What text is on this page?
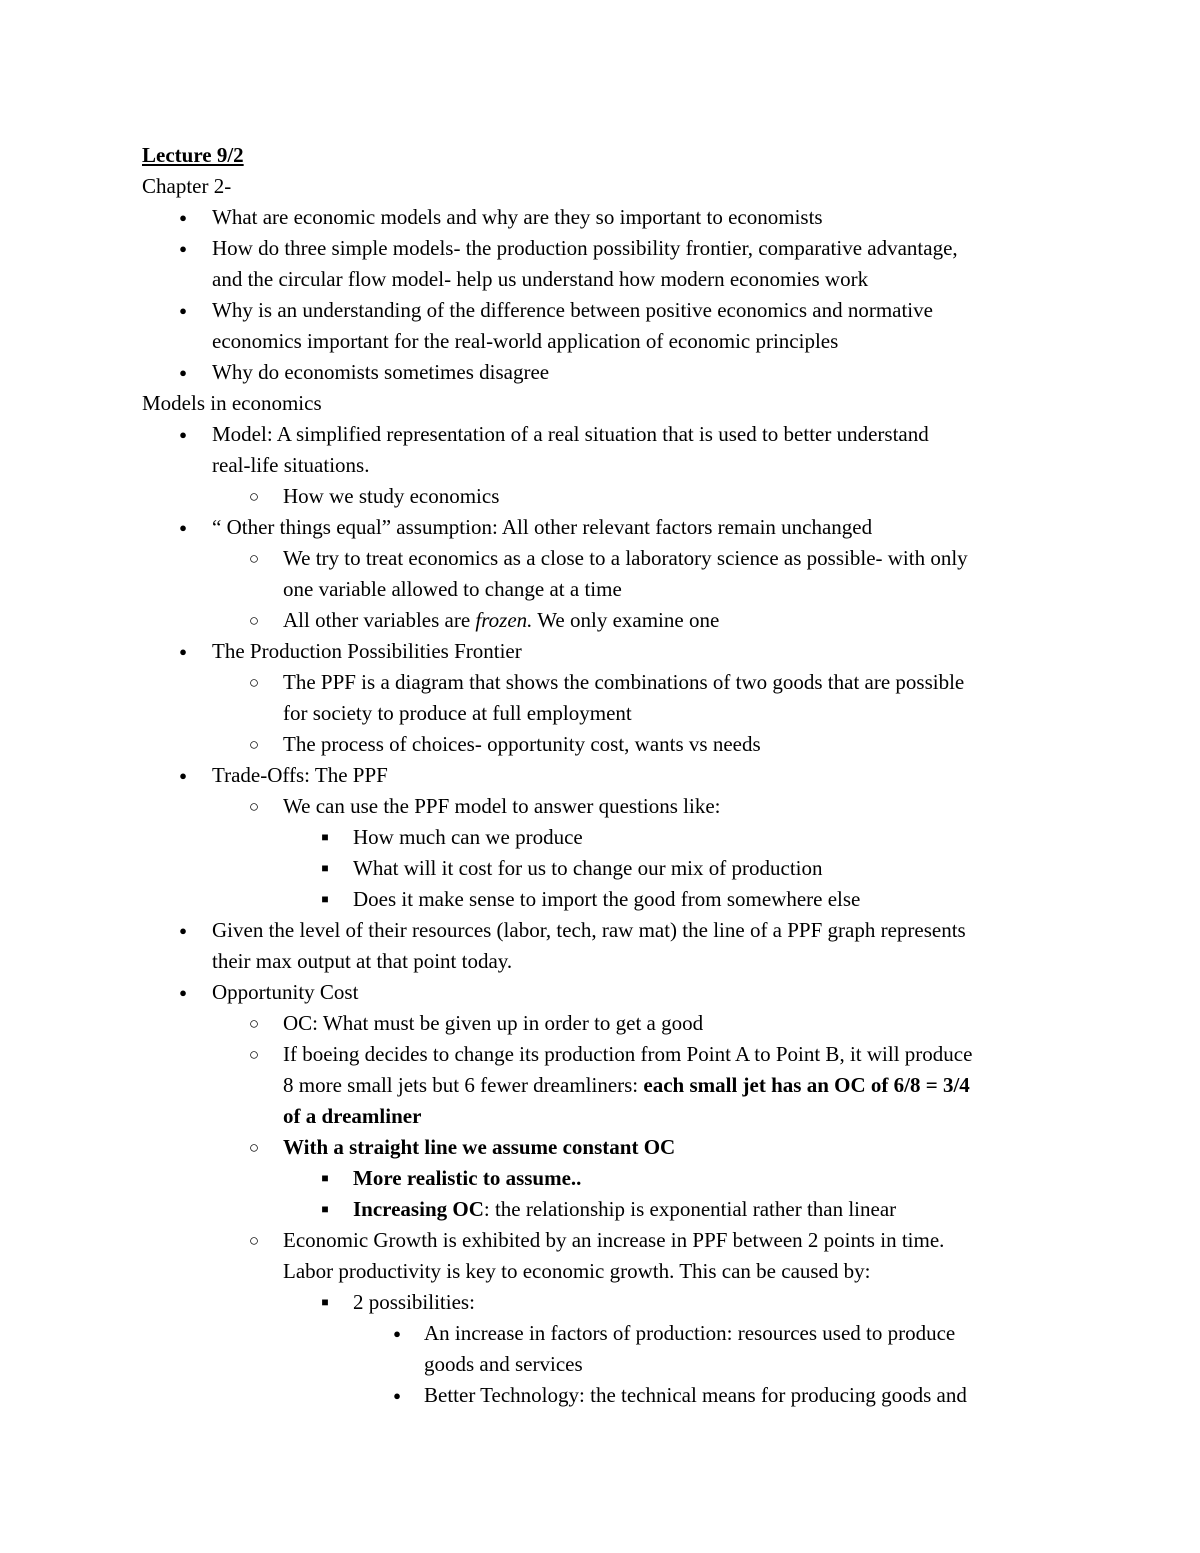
Lecture 9/2
Chapter 2-
●	What are economic models and why are they so important to economists
●	How do three simple models- the production possibility frontier, comparative advantage,
and the circular flow model- help us understand how modern economies work
●	Why is an understanding of the difference between positive economics and normative
economics important for the real-world application of economic principles
●	Why do economists sometimes disagree
Models in economics
●	Model: A simplified representation of a real situation that is used to better understand
real-life situations.
○ How we study economics
●	“ Other things equal” assumption: All other relevant factors remain unchanged
○ We try to treat economics as a close to a laboratory science as possible- with only
one variable allowed to change at a time
○ All other variables are frozen. We only examine one
●	The Production Possibilities Frontier
○ The PPF is a diagram that shows the combinations of two goods that are possible
for society to produce at full employment
○ The process of choices- opportunity cost, wants vs needs
●	Trade-Offs: The PPF
○ We can use the PPF model to answer questions like:
■	How much can we produce
■	What will it cost for us to change our mix of production
■	Does it make sense to import the good from somewhere else
●	Given the level of their resources (labor, tech, raw mat) the line of a PPF graph represents
their max output at that point today.
●	Opportunity Cost
○ OC: What must be given up in order to get a good
○ If boeing decides to change its production from Point A to Point B, it will produce
8 more small jets but 6 fewer dreamliners: each small jet has an OC of 6/8 = 3/4
of a dreamliner
○ With a straight line we assume constant OC
■	More realistic to assume..
■	Increasing OC: the relationship is exponential rather than linear
○ Economic Growth is exhibited by an increase in PPF between 2 points in time.
Labor productivity is key to economic growth. This can be caused by:
■	2 possibilities:
●	An increase in factors of production: resources used to produce
goods and services
●	Better Technology: the technical means for producing goods and
